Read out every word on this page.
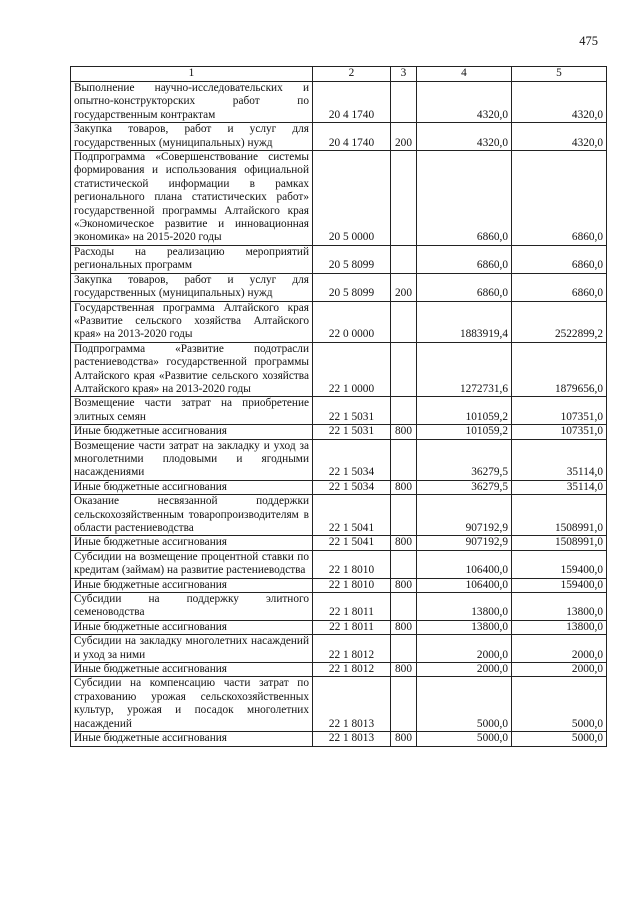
475
1	2	3	4	5
Выполнение научно-исследовательских и опытно-конструкторских работ по государственным контрактам	20 4 1740		4320,0	4320,0
Закупка товаров, работ и услуг для государственных (муниципальных) нужд	20 4 1740	200	4320,0	4320,0
Подпрограмма «Совершенствование системы формирования и использования официальной статистической информации в рамках регионального плана статистических работ» государственной программы Алтайского края «Экономическое развитие и инновационная экономика» на 2015-2020 годы	20 5 0000		6860,0	6860,0
Расходы на реализацию мероприятий региональных программ	20 5 8099		6860,0	6860,0
Закупка товаров, работ и услуг для государственных (муниципальных) нужд	20 5 8099	200	6860,0	6860,0
Государственная программа Алтайского края «Развитие сельского хозяйства Алтайского края» на 2013-2020 годы	22 0 0000		1883919,4	2522899,2
Подпрограмма «Развитие подотрасли растениеводства» государственной программы Алтайского края «Развитие сельского хозяйства Алтайского края» на 2013-2020 годы	22 1 0000		1272731,6	1879656,0
Возмещение части затрат на приобретение элитных семян	22 1 5031		101059,2	107351,0
Иные бюджетные ассигнования	22 1 5031	800	101059,2	107351,0
Возмещение части затрат на закладку и уход за многолетними плодовыми и ягодными насаждениями	22 1 5034		36279,5	35114,0
Иные бюджетные ассигнования	22 1 5034	800	36279,5	35114,0
Оказание несвязанной поддержки сельскохозяйственным товаропроизводителям в области растениеводства	22 1 5041		907192,9	1508991,0
Иные бюджетные ассигнования	22 1 5041	800	907192,9	1508991,0
Субсидии на возмещение процентной ставки по кредитам (займам) на развитие растениеводства	22 1 8010		106400,0	159400,0
Иные бюджетные ассигнования	22 1 8010	800	106400,0	159400,0
Субсидии на поддержку элитного семеноводства	22 1 8011		13800,0	13800,0
Иные бюджетные ассигнования	22 1 8011	800	13800,0	13800,0
Субсидии на закладку многолетних насаждений и уход за ними	22 1 8012		2000,0	2000,0
Иные бюджетные ассигнования	22 1 8012	800	2000,0	2000,0
Субсидии на компенсацию части затрат по страхованию урожая сельскохозяйственных культур, урожая и посадок многолетних насаждений	22 1 8013		5000,0	5000,0
Иные бюджетные ассигнования	22 1 8013	800	5000,0	5000,0
